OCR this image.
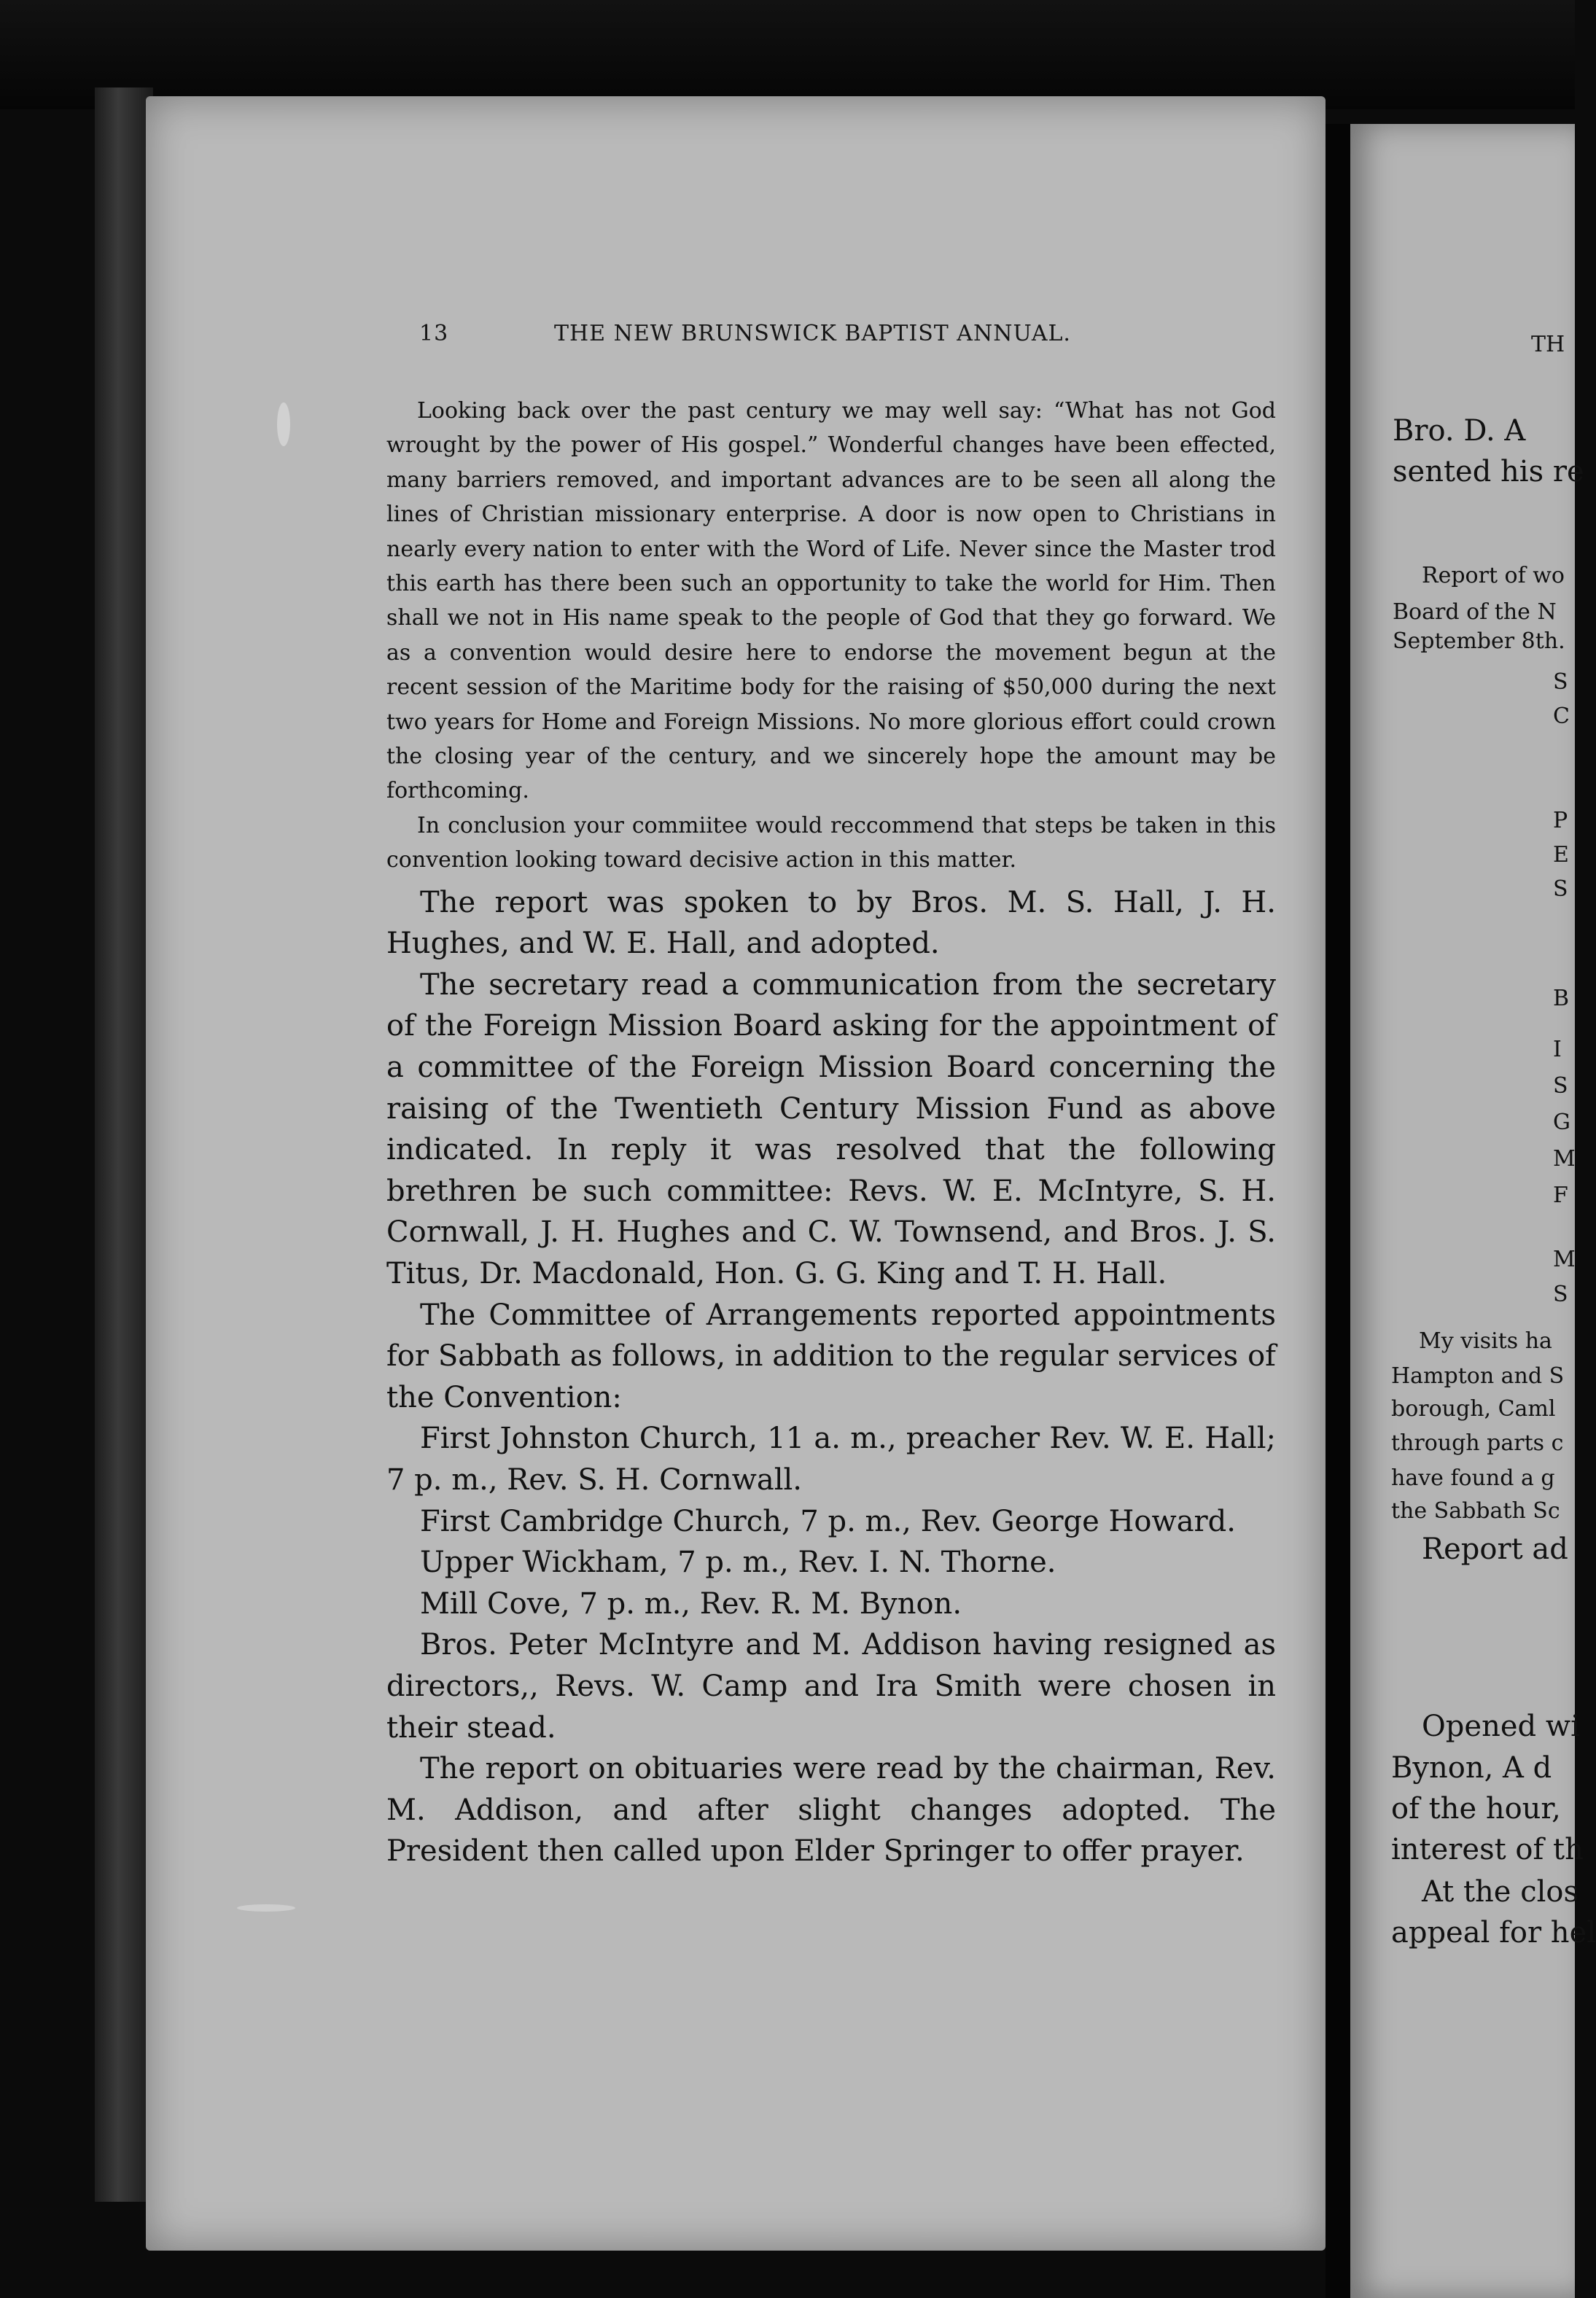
13	THE NEW BRUNSWICK BAPTIST ANNUAL.

Looking back over the past century we may well say: “What has not God wrought by the power of His gospel.” Wonderful changes have been effected, many barriers removed, and important advances are to be seen all along the lines of Christian missionary enterprise. A door is now open to Christians in nearly every nation to enter with the Word of Life. Never since the Master trod this earth has there been such an opportunity to take the world for Him. Then shall we not in His name speak to the people of God that they go forward. We as a convention would desire here to endorse the movement begun at the recent session of the Maritime body for the raising of $50,000 during the next two years for Home and Foreign Missions. No more glorious effort could crown the closing year of the century, and we sincerely hope the amount may be forthcoming.

In conclusion your commiitee would reccommend that steps be taken in this convention looking toward decisive action in this matter.

The report was spoken to by Bros. M. S. Hall, J. H. Hughes, and W. E. Hall, and adopted.

The secretary read a communication from the secretary of the Foreign Mission Board asking for the appointment of a committee of the Foreign Mission Board concerning the raising of the Twentieth Century Mission Fund as above indicated. In reply it was resolved that the following brethren be such committee: Revs. W. E. McIntyre, S. H. Cornwall, J. H. Hughes and C. W. Townsend, and Bros. J. S. Titus, Dr. Macdonald, Hon. G. G. King and T. H. Hall.

The Committee of Arrangements reported appointments for Sabbath as follows, in addition to the regular services of the Convention:

First Johnston Church, 11 a. m., preacher Rev. W. E. Hall; 7 p. m., Rev. S. H. Cornwall.

First Cambridge Church, 7 p. m., Rev. George Howard.

Upper Wickham, 7 p. m., Rev. I. N. Thorne.

Mill Cove, 7 p. m., Rev. R. M. Bynon.

Bros. Peter McIntyre and M. Addison having resigned as directors,, Revs. W. Camp and Ira Smith were chosen in their stead.

The report on obituaries were read by the chairman, Rev. M. Addison, and after slight changes adopted. The President then called upon Elder Springer to offer prayer.

TH
Bro. D. A
sented his re
Report of wo
Board of the N
September 8th.
S
C
P
E
S
B
I
S
G
M
F
M
S
My visits ha
Hampton and S
borough, Caml
through parts c
have found a g
the Sabbath Sc
Report ad
Opened wi
Bynon, A d
of the hour,
interest of th
At the clos
appeal for hel
